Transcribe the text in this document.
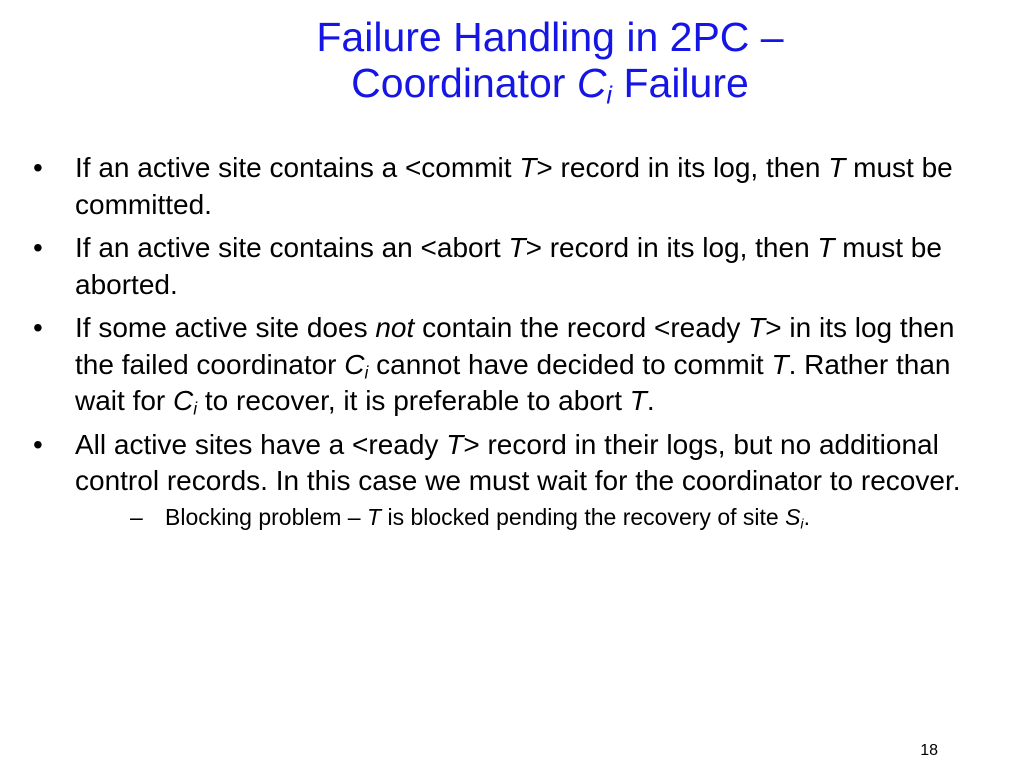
Failure Handling in 2PC –
Coordinator $C_i$ Failure
• If an active site contains a <commit T> record in its log, then T must be committed.
• If an active site contains an <abort T> record in its log, then T must be aborted.
• If some active site does not contain the record <ready T> in its log then the failed coordinator $C_i$ cannot have decided to commit T. Rather than wait for $C_i$ to recover, it is preferable to abort T.
• All active sites have a <ready T> record in their logs, but no additional control records. In this case we must wait for the coordinator to recover.
– Blocking problem – T is blocked pending the recovery of site $S_i$.
18
